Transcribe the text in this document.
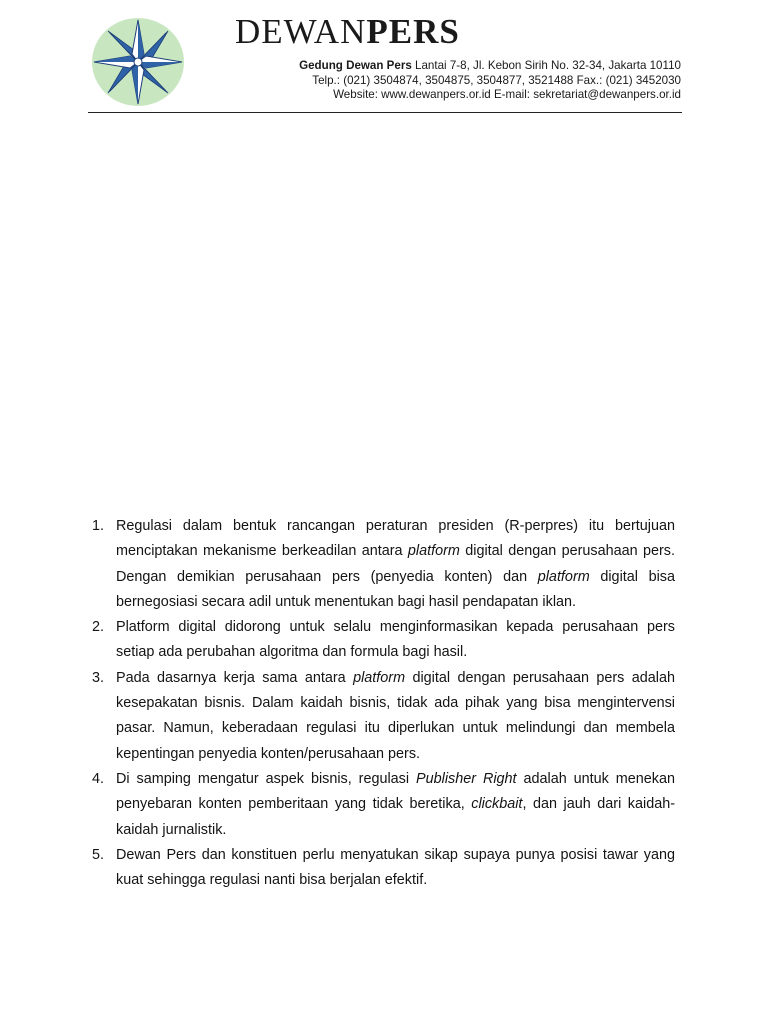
DEWANPERS
Gedung Dewan Pers Lantai 7-8, Jl. Kebon Sirih No. 32-34, Jakarta 10110
Telp.: (021) 3504874, 3504875, 3504877, 3521488 Fax.: (021) 3452030
Website: www.dewanpers.or.id E-mail: sekretariat@dewanpers.or.id
1. Regulasi dalam bentuk rancangan peraturan presiden (R-perpres) itu bertujuan menciptakan mekanisme berkeadilan antara platform digital dengan perusahaan pers. Dengan demikian perusahaan pers (penyedia konten) dan platform digital bisa bernegosiasi secara adil untuk menentukan bagi hasil pendapatan iklan.
2. Platform digital didorong untuk selalu menginformasikan kepada perusahaan pers setiap ada perubahan algoritma dan formula bagi hasil.
3. Pada dasarnya kerja sama antara platform digital dengan perusahaan pers adalah kesepakatan bisnis. Dalam kaidah bisnis, tidak ada pihak yang bisa mengintervensi pasar. Namun, keberadaan regulasi itu diperlukan untuk melindungi dan membela kepentingan penyedia konten/perusahaan pers.
4. Di samping mengatur aspek bisnis, regulasi Publisher Right adalah untuk menekan penyebaran konten pemberitaan yang tidak beretika, clickbait, dan jauh dari kaidah-kaidah jurnalistik.
5. Dewan Pers dan konstituen perlu menyatukan sikap supaya punya posisi tawar yang kuat sehingga regulasi nanti bisa berjalan efektif.
